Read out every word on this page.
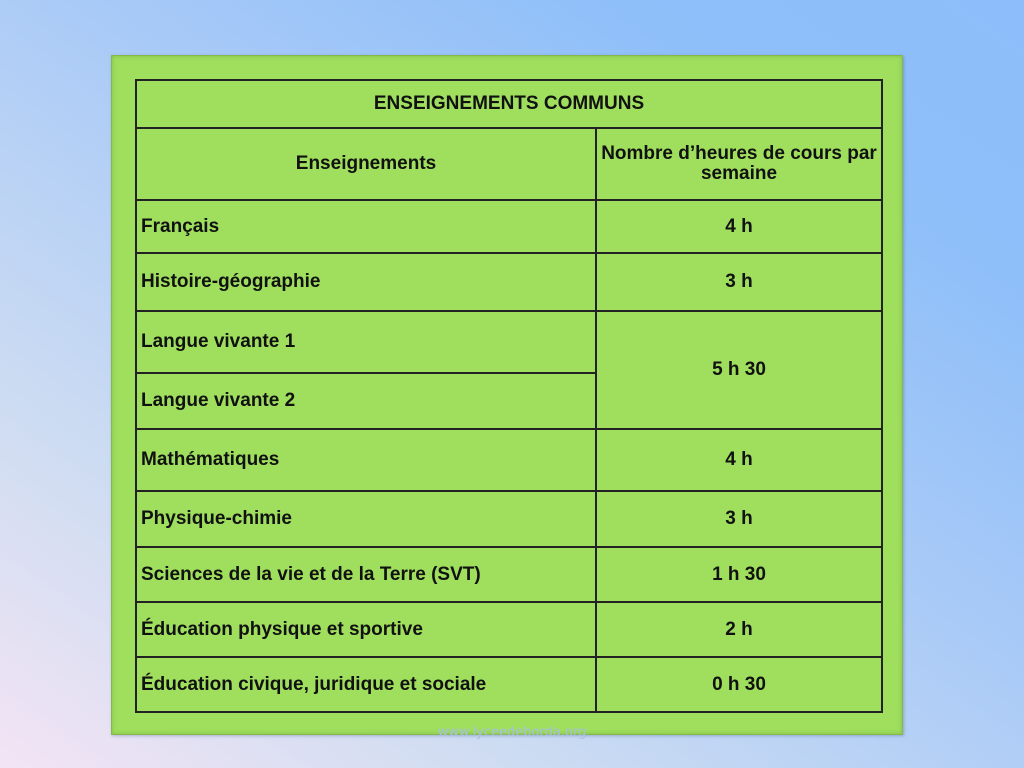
ENSEIGNEMENTS COMMUNS	
Enseignements	Nombre d’heures de cours par semaine
Français	4 h
Histoire-géographie	3 h
Langue vivante 1	5 h 30
Langue vivante 2	
Mathématiques	4 h
Physique-chimie	3 h
Sciences de la vie et de la Terre (SVT)	1 h 30
Éducation physique et sportive	2 h
Éducation civique, juridique et sociale	0 h 30
www.lyceedeborda.org
